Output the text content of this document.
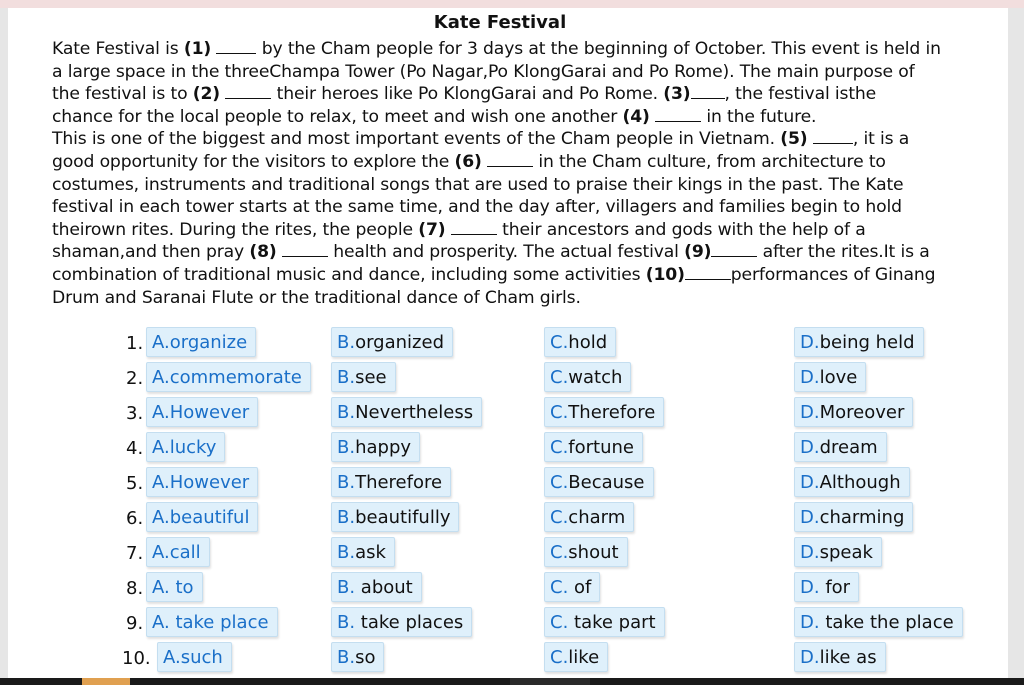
Kate Festival
Kate Festival is (1)	by the Cham people for 3 days at the beginning of October. This event is held in
a large space in the threeChampa Tower (Po Nagar,Po KlongGarai and Po Rome). The main purpose of
the festival is to (2)	their heroes like Po KlongGarai and Po Rome. (3) , the festival isthe
chance for the local people to relax, to meet and wish one another (4)	in the future.
This is one of the biggest and most important events of the Cham people in Vietnam. (5)	, it is a
good opportunity for the visitors to explore the (6)	in the Cham culture, from architecture to
costumes, instruments and traditional songs that are used to praise their kings in the past. The Kate
festival in each tower starts at the same time, and the day after, villagers and families begin to hold
theirown rites. During the rites, the people (7)	their ancestors and gods with the help of a
shaman,and then pray (8)	health and prosperity. The actual festival (9)	after the rites.It is a
combination of traditional music and dance, including some activities (10)	performances of Ginang
Drum and Saranai Flute or the traditional dance of Cham girls.
1. A.organize	B.organized	C.hold	D.being held
2. A.commemorate	B.see	C.watch	D.love
3. A.However	B.Nevertheless	C.Therefore	D.Moreover
4. A.lucky	B.happy	C.fortune	D.dream
5. A.However	B.Therefore	C.Because	D.Although
6. A.beautiful	B.beautifully	C.charm	D.charming
7. A.call	B.ask	C.shout	D.speak
8. A. to	B. about	C. of	D. for
9. A. take place	B. take places	C. take part	D. take the place
10. A.such	B.so	C.like	D.like as
